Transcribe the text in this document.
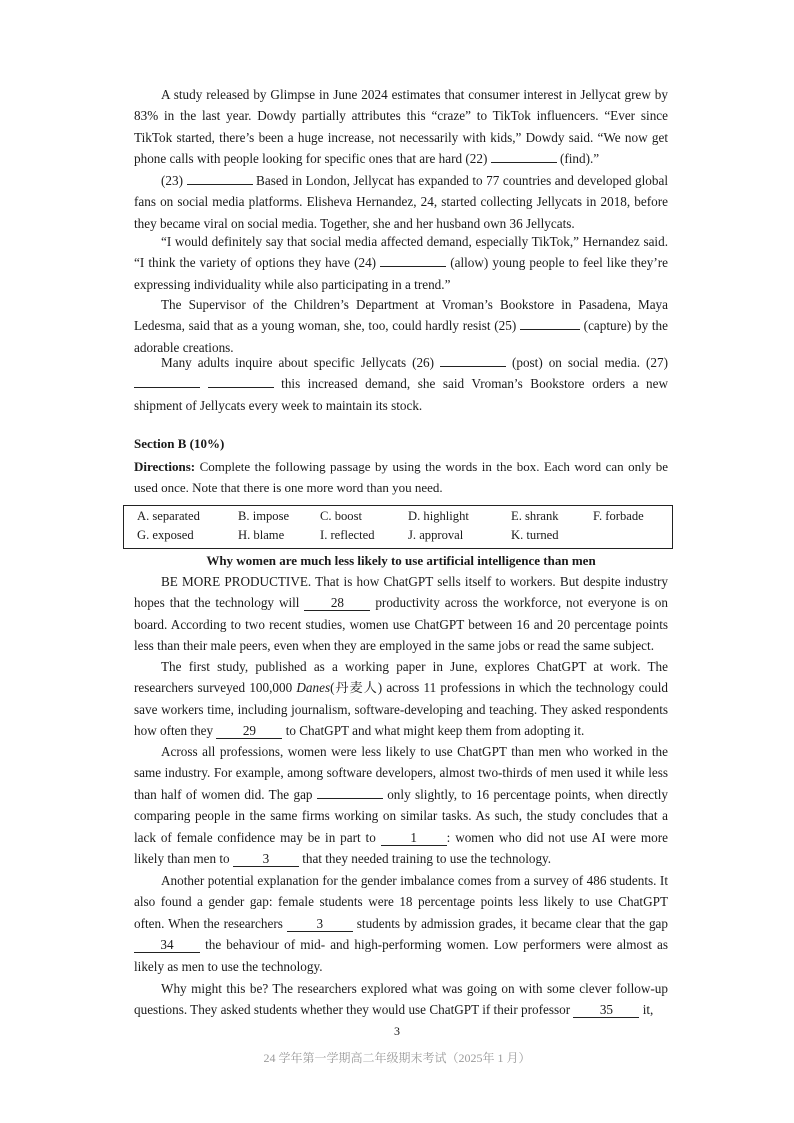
A study released by Glimpse in June 2024 estimates that consumer interest in Jellycat grew by 83% in the last year. Dowdy partially attributes this “craze” to TikTok influencers. “Ever since TikTok started, there’s been a huge increase, not necessarily with kids,” Dowdy said. “We now get phone calls with people looking for specific ones that are hard (22)	(find).”

(23)	Based in London, Jellycat has expanded to 77 countries and developed global fans on social media platforms. Elisheva Hernandez, 24, started collecting Jellycats in 2018, before they became viral on social media. Together, she and her husband own 36 Jellycats.

“I would definitely say that social media affected demand, especially TikTok,” Hernandez said. “I think the variety of options they have (24)	(allow) young people to feel like they’re expressing individuality while also participating in a trend.”

The Supervisor of the Children’s Department at Vroman’s Bookstore in Pasadena, Maya Ledesma, said that as a young woman, she, too, could hardly resist (25)	(capture) by the adorable creations.

Many adults inquire about specific Jellycats (26)	(post) on social media. (27)   this increased demand, she said Vroman’s Bookstore orders a new shipment of Jellycats every week to maintain its stock.

Section B (10%)

Directions: Complete the following passage by using the words in the box. Each word can only be used once. Note that there is one more word than you need.

A. separated	B. impose C. boost	D. highlight	E. shrank	F. forbade
G. exposed	H. blame	I. reflected	J. approval	K. turned

Why women are much less likely to use artificial intelligence than men

BE MORE PRODUCTIVE. That is how ChatGPT sells itself to workers. But despite industry hopes that the technology will 28 productivity across the workforce, not everyone is on board. According to two recent studies, women use ChatGPT between 16 and 20 percentage points less than their male peers, even when they are employed in the same jobs or read the same subject.

The first study, published as a working paper in June, explores ChatGPT at work. The researchers surveyed 100,000 Danes(丹麦人) across 11 professions in which the technology could save workers time, including journalism, software-developing and teaching. They asked respondents how often they 29 to ChatGPT and what might keep them from adopting it.

Across all professions, women were less likely to use ChatGPT than men who worked in the same industry. For example, among software developers, almost two-thirds of men used it while less than half of women did. The gap	only slightly, to 16 percentage points, when directly comparing people in the same firms working on similar tasks. As such, the study concludes that a lack of female confidence may be in part to 1 : women who did not use AI were more likely than men to 3 that they needed training to use the technology.

Another potential explanation for the gender imbalance comes from a survey of 486 students. It also found a gender gap: female students were 18 percentage points less likely to use ChatGPT often. When the researchers 3 students by admission grades, it became clear that the gap 34 the behaviour of mid- and high-performing women. Low performers were almost as likely as men to use the technology.

Why might this be? The researchers explored what was going on with some clever follow-up questions. They asked students whether they would use ChatGPT if their professor 35 it,

3
24 学年第一学期高二年级期末考试（2025年 1 月）
